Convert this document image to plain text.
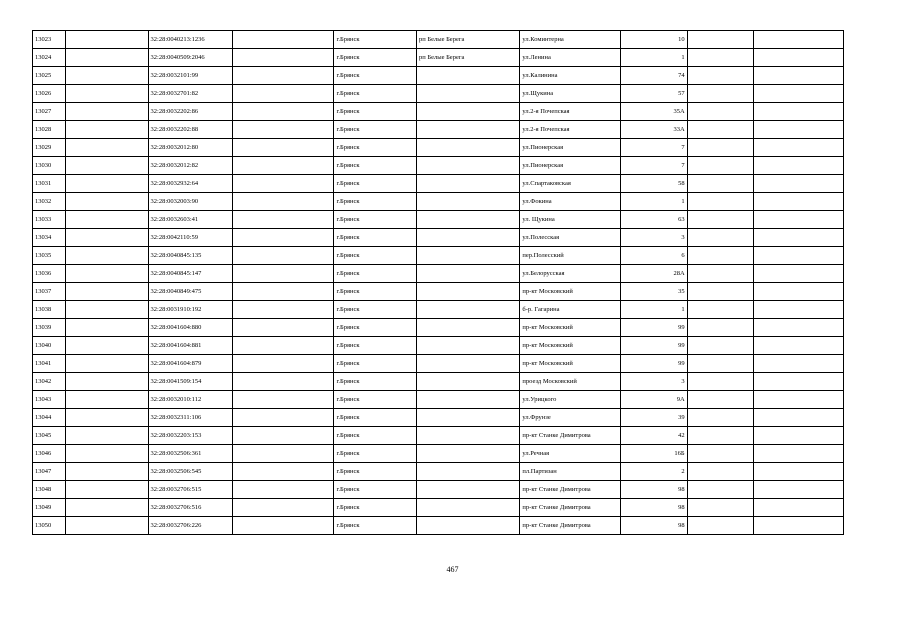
13023		32:28:0040213:1236		г.Брянск	рп Белые Берега	ул.Коминтерна	10		
13024		32:28:0040509:2046		г.Брянск	рп Белые Берега	ул.Ленина	1		
13025		32:28:0032101:99		г.Брянск		ул.Калинина	74		
13026		32:28:0032701:82		г.Брянск		ул.Щукина	57		
13027		32:28:0032202:86		г.Брянск		ул.2-я Почепская	35А		
13028		32:28:0032202:88		г.Брянск		ул.2-я Почепская	33А		
13029		32:28:0032012:80		г.Брянск		ул.Пионерская	7		
13030		32:28:0032012:82		г.Брянск		ул.Пионерская	7		
13031		32:28:0032932:64		г.Брянск		ул.Спартаковская	58		
13032		32:28:0032003:90		г.Брянск		ул.Фокина	1		
13033		32:28:0032603:41		г.Брянск		ул. Щукина	63		
13034		32:28:0042110:59		г.Брянск		ул.Полесская	3		
13035		32:28:0040845:135		г.Брянск		пер.Полесский	6		
13036		32:28:0040845:147		г.Брянск		ул.Белорусская	28А		
13037		32:28:0040849:475		г.Брянск		пр-кт Московский	35		
13038		32:28:0031910:192		г.Брянск		б-р. Гагарина	1		
13039		32:28:0041604:880		г.Брянск		пр-кт Московский	99		
13040		32:28:0041604:881		г.Брянск		пр-кт Московский	99		
13041		32:28:0041604:879		г.Брянск		пр-кт Московский	99		
13042		32:28:0041509:154		г.Брянск		проезд Московский	3		
13043		32:28:0032010:112		г.Брянск		ул.Урицкого	9А		
13044		32:28:0032311:106		г.Брянск		ул.Фрунзе	39		
13045		32:28:0032203:153		г.Брянск		пр-кт Станке Димитрова	42		
13046		32:28:0032506:361		г.Брянск		ул.Речная	16Б		
13047		32:28:0032506:545		г.Брянск		пл.Партизан	2		
13048		32:28:0032706:515		г.Брянск		пр-кт Станке Димитрова	98		
13049		32:28:0032706:516		г.Брянск		пр-кт Станке Димитрова	98		
13050		32:28:0032706:226		г.Брянск		пр-кт Станке Димитрова	98		
467
